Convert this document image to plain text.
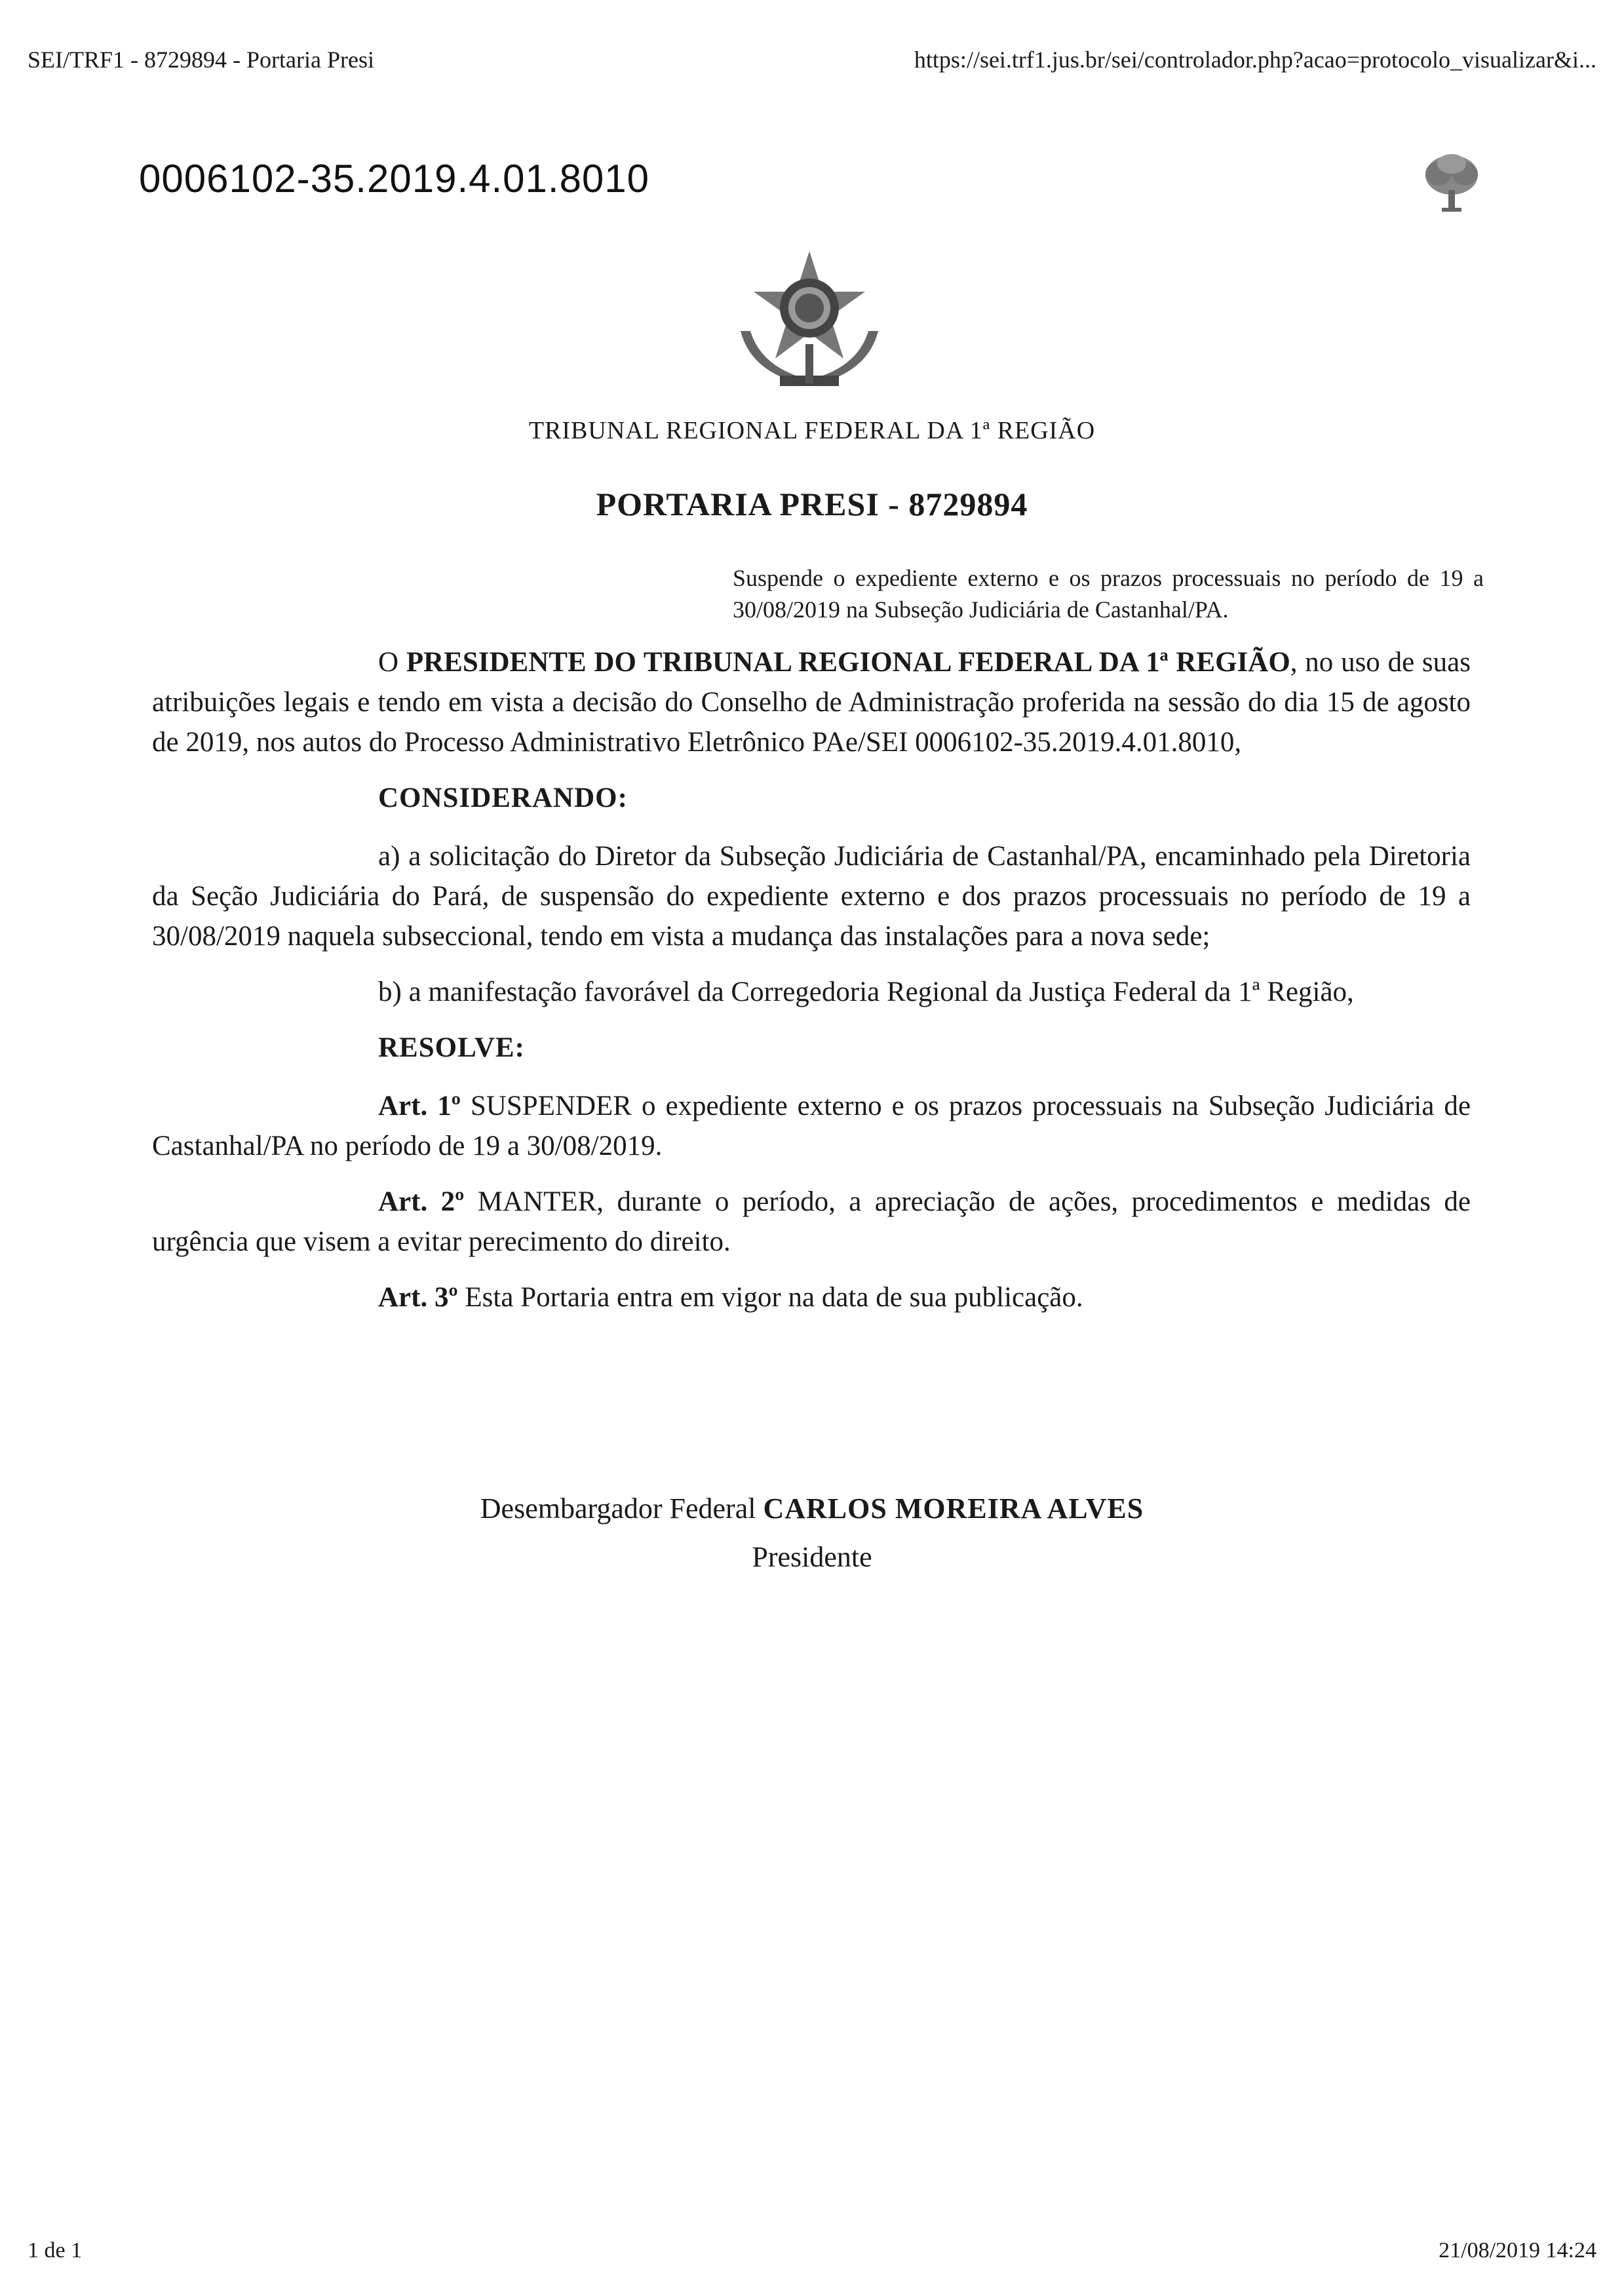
SEI/TRF1 - 8729894 - Portaria Presi	https://sei.trf1.jus.br/sei/controlador.php?acao=protocolo_visualizar&i...
0006102-35.2019.4.01.8010
TRIBUNAL REGIONAL FEDERAL DA 1ª REGIÃO
PORTARIA PRESI - 8729894
Suspende o expediente externo e os prazos processuais no período de 19 a 30/08/2019 na Subseção Judiciária de Castanhal/PA.

O PRESIDENTE DO TRIBUNAL REGIONAL FEDERAL DA 1ª REGIÃO, no uso de suas atribuições legais e tendo em vista a decisão do Conselho de Administração proferida na sessão do dia 15 de agosto de 2019, nos autos do Processo Administrativo Eletrônico PAe/SEI 0006102-35.2019.4.01.8010,

CONSIDERANDO:

a) a solicitação do Diretor da Subseção Judiciária de Castanhal/PA, encaminhado pela Diretoria da Seção Judiciária do Pará, de suspensão do expediente externo e dos prazos processuais no período de 19 a 30/08/2019 naquela subseccional, tendo em vista a mudança das instalações para a nova sede;

b) a manifestação favorável da Corregedoria Regional da Justiça Federal da 1ª Região,

RESOLVE:

Art. 1º SUSPENDER o expediente externo e os prazos processuais na Subseção Judiciária de Castanhal/PA no período de 19 a 30/08/2019.

Art. 2º MANTER, durante o período, a apreciação de ações, procedimentos e medidas de urgência que visem a evitar perecimento do direito.

Art. 3º Esta Portaria entra em vigor na data de sua publicação.

Desembargador Federal CARLOS MOREIRA ALVES
Presidente
1 de 1	21/08/2019 14:24
